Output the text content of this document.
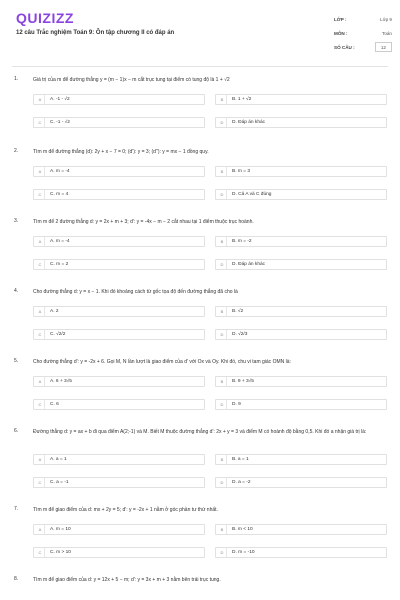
QUIZIZZ
12 câu Trắc nghiệm Toán 9: Ôn tập chương II có đáp án
LỚP :	Lớp 9
MÔN :	Toán
SỐ CÂU :	12
1.	Giá trị của m để đường thẳng y = (m − 1)x − m cắt trục tung tại điểm có tung độ là 1 + √2
A	A. -1 - √2	B	B. 1 + √2
C	C. -1 - √2	D	D. Đáp án khác
2.	Tìm m để đường thẳng (d): 2y + x − 7 = 0; (d'): y = 3; (d''): y = mx − 1 đồng quy.
A	A. m = -4	B	B. m = 3
C	C. m = 4	D	D. Cả A và C đúng
3.	Tìm m để 2 đường thẳng d: y = 2x + m + 3; d': y = -4x − m − 2 cắt nhau tại 1 điểm thuộc trục hoành.
A	A. m = -4	B	B. m = -2
C	C. m = 2	D	D. Đáp án khác
4.	Cho đường thẳng d: y = x − 1. Khi đó khoảng cách từ gốc tọa độ đến đường thẳng đã cho là
A	A. 2	B	B. √2
C	C. √2/2	D	D. √2/3
5.	Cho đường thẳng d': y = -2x + 6. Gọi M, N lần lượt là giao điểm của d' với Ox và Oy. Khi đó, chu vi tam giác OMN là:
A	A. 6 + 3√5	B	B. 9 + 3√5
C	C. 6	D	D. 9
6.	Đường thẳng d: y = ax + b đi qua điểm A(2;-1) và M. Biết M thuộc đường thẳng d': 2x + y = 3 và điểm M có hoành độ bằng 0,5. Khi đó a nhận giá trị là:
A	A. a = 1	B	B. a = 1
C	C. a = -1	D	D. a = -2
7.	Tìm m để giao điểm của d: mx + 2y = 5; d': y = -2x + 1 nằm ở góc phần tư thứ nhất.
A	A. m = 10	B	B. m < 10
C	C. m > 10	D	D. m = -10
8.	Tìm m để giao điểm của d: y = 12x + 5 − m; d': y = 3x + m + 3 nằm bên trái trục tung.
